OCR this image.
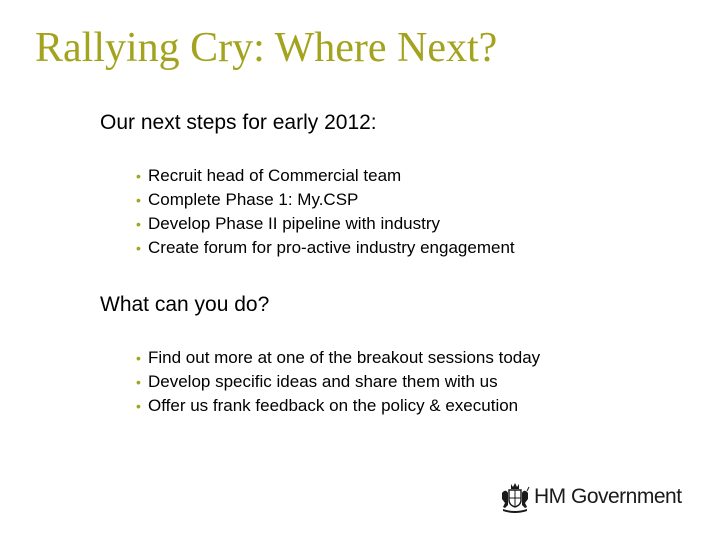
Rallying Cry: Where Next?

Our next steps for early 2012:

• Recruit head of Commercial team
• Complete Phase 1: My.CSP
• Develop Phase II pipeline with industry
• Create forum for pro-active industry engagement

What can you do?

• Find out more at one of the breakout sessions today
• Develop specific ideas and share them with us
• Offer us frank feedback on the policy & execution
HM Government
